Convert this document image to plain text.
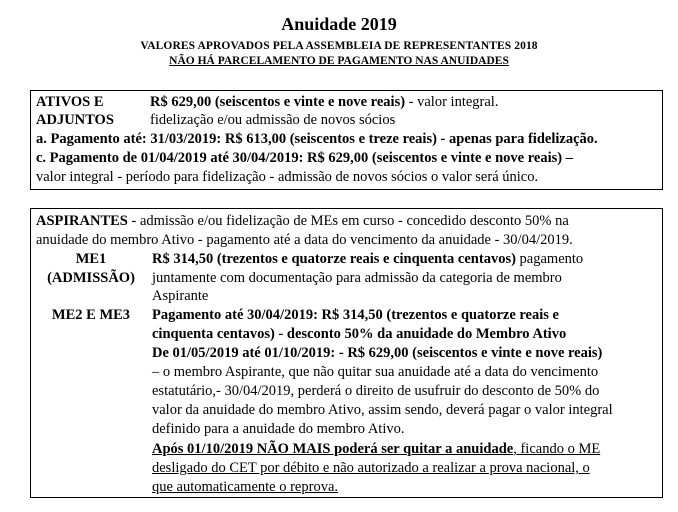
Anuidade 2019
VALORES APROVADOS PELA ASSEMBLEIA DE REPRESENTANTES 2018
NÃO HÁ PARCELAMENTO DE PAGAMENTO NAS ANUIDADES
ATIVOS E	R$ 629,00 (seiscentos e vinte e nove reais) - valor integral.
ADJUNTOS fidelização e/ou admissão de novos sócios
a. Pagamento até: 31/03/2019: R$ 613,00 (seiscentos e treze reais) - apenas para fidelização.
c. Pagamento de 01/04/2019 até 30/04/2019: R$ 629,00 (seiscentos e vinte e nove reais) –
valor integral - período para fidelização - admissão de novos sócios o valor será único.
ASPIRANTES - admissão e/ou fidelização de MEs em curso - concedido desconto 50% na
anuidade do membro Ativo - pagamento até a data do vencimento da anuidade - 30/04/2019.
ME1	R$ 314,50 (trezentos e quatorze reais e cinquenta centavos) pagamento
(ADMISSÃO)	juntamente com documentação para admissão da categoria de membro
Aspirante
ME2 E ME3	Pagamento até 30/04/2019: R$ 314,50 (trezentos e quatorze reais e
cinquenta centavos) - desconto 50% da anuidade do Membro Ativo
De 01/05/2019 até 01/10/2019: - R$ 629,00 (seiscentos e vinte e nove reais)
– o membro Aspirante, que não quitar sua anuidade até a data do vencimento
estatutário,- 30/04/2019, perderá o direito de usufruir do desconto de 50% do
valor da anuidade do membro Ativo, assim sendo, deverá pagar o valor integral
definido para a anuidade do membro Ativo.
Após 01/10/2019 NÃO MAIS poderá ser quitar a anuidade, ficando o ME
desligado do CET por débito e não autorizado a realizar a prova nacional, o
que automaticamente o reprova.
